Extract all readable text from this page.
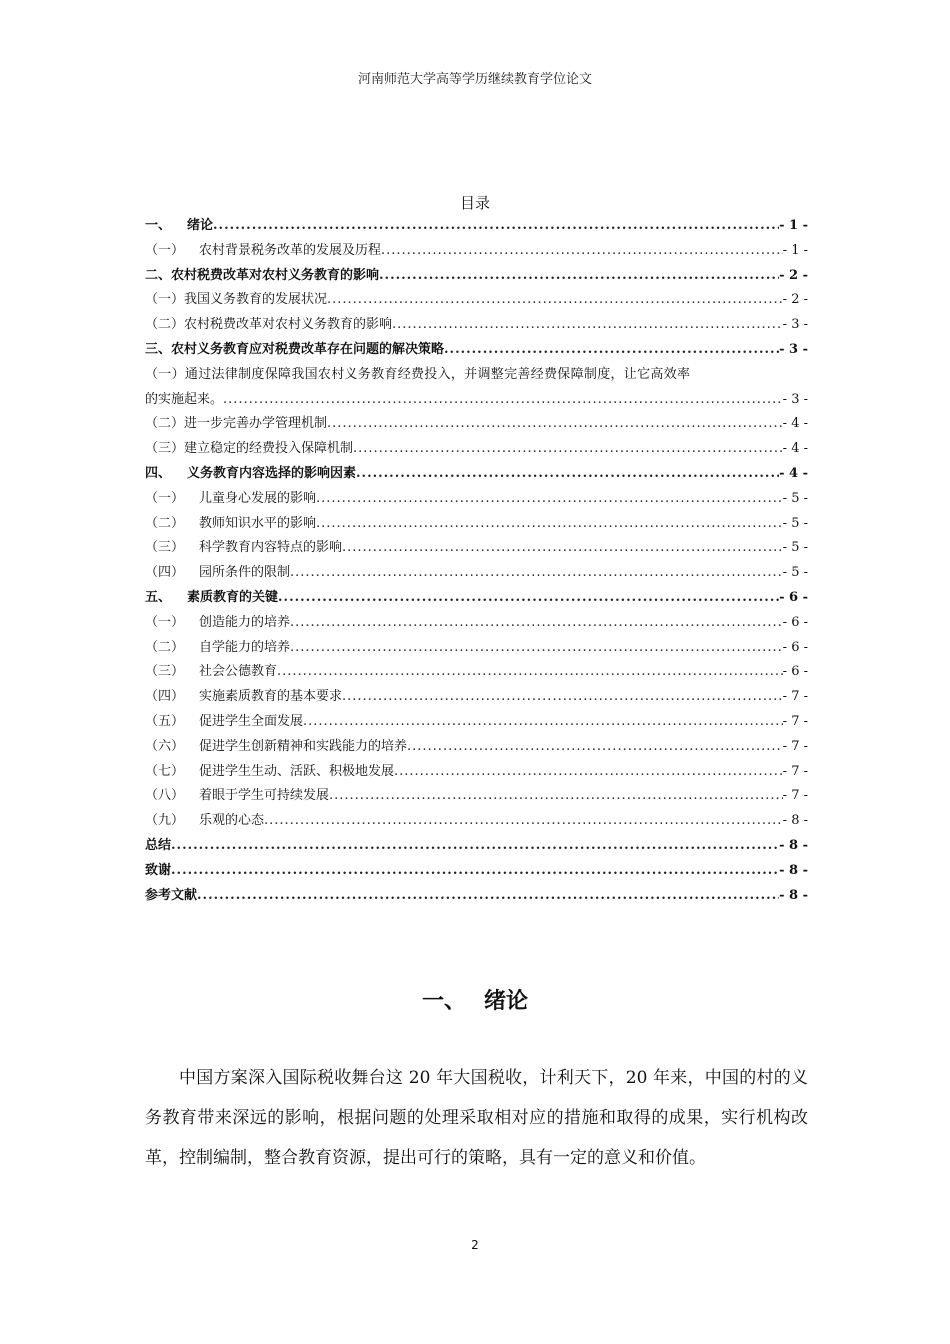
河南师范大学高等学历继续教育学位论文
目录
一、 绪论 .....	- 1 -
（一） 农村背景税务改革的发展及历程 .....	- 1 -
二、农村税费改革对农村义务教育的影响 .....	- 2 -
（一）我国义务教育的发展状况 .....	- 2 -
（二）农村税费改革对农村义务教育的影响 .....	- 3 -
三、农村义务教育应对税费改革存在问题的解决策略 .....	- 3 -
（一）通过法律制度保障我国农村义务教育经费投入，并调整完善经费保障制度，让它高效率
的实施起来。 .....	- 3 -
（二）进一步完善办学管理机制 .....	- 4 -
（三）建立稳定的经费投入保障机制 .....	- 4 -
四、 义务教育内容选择的影响因素 .....	- 4 -
（一） 儿童身心发展的影响 .....	- 5 -
（二） 教师知识水平的影响 .....	- 5 -
（三） 科学教育内容特点的影响 .....	- 5 -
（四） 园所条件的限制 .....	- 5 -
五、 素质教育的关键 .....	- 6 -
（一） 创造能力的培养 .....	- 6 -
（二） 自学能力的培养 .....	- 6 -
（三） 社会公德教育 .....	- 6 -
（四） 实施素质教育的基本要求 .....	- 7 -
（五） 促进学生全面发展 .....	- 7 -
（六） 促进学生创新精神和实践能力的培养 .....	- 7 -
（七） 促进学生生动、活跃、积极地发展 .....	- 7 -
（八） 着眼于学生可持续发展 .....	- 7 -
（九） 乐观的心态 .....	- 8 -
总结 .....	- 8 -
致谢 .....	- 8 -
参考文献 .....	- 8 -
一、 绪论

中国方案深入国际税收舞台这 20 年大国税收，计利天下，20 年来，中国的村的义务教育带来深远的影响，根据问题的处理采取相对应的措施和取得的成果，实行机构改革，控制编制，整合教育资源，提出可行的策略，具有一定的意义和价值。

2
